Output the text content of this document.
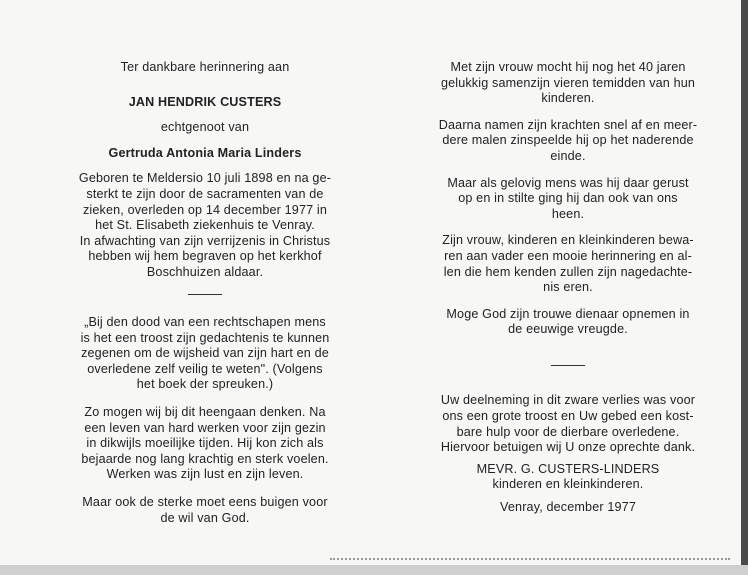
Ter dankbare herinnering aan

JAN HENDRIK CUSTERS

echtgenoot van

Gertruda Antonia Maria Linders

Geboren te Meldersio 10 juli 1898 en na ge-

sterkt te zijn door de sacramenten van de

zieken, overleden op 14 december 1977 in

het St. Elisabeth ziekenhuis te Venray.

In afwachting van zijn verrijzenis in Christus

hebben wij hem begraven op het kerkhof

Boschhuizen aldaar.

„Bij den dood van een rechtschapen mens

is het een troost zijn gedachtenis te kunnen

zegenen om de wijsheid van zijn hart en de

overledene zelf veilig te weten". (Volgens

het boek der spreuken.)

Zo mogen wij bij dit heengaan denken. Na

een leven van hard werken voor zijn gezin

in dikwijls moeilijke tijden. Hij kon zich als

bejaarde nog lang krachtig en sterk voelen.

Werken was zijn lust en zijn leven.

Maar ook de sterke moet eens buigen voor

de wil van God.

Met zijn vrouw mocht hij nog het 40 jaren

gelukkig samenzijn vieren temidden van hun

kinderen.

Daarna namen zijn krachten snel af en meer-

dere malen zinspeelde hij op het naderende

einde.

Maar als gelovig mens was hij daar gerust

op en in stilte ging hij dan ook van ons

heen.

Zijn vrouw, kinderen en kleinkinderen bewa-

ren aan vader een mooie herinnering en al-

len die hem kenden zullen zijn nagedachte-

nis eren.

Moge God zijn trouwe dienaar opnemen in

de eeuwige vreugde.

Uw deelneming in dit zware verlies was voor

ons een grote troost en Uw gebed een kost-

bare hulp voor de dierbare overledene.

Hiervoor betuigen wij U onze oprechte dank.

MEVR. G. CUSTERS-LINDERS

kinderen en kleinkinderen.

Venray, december 1977
